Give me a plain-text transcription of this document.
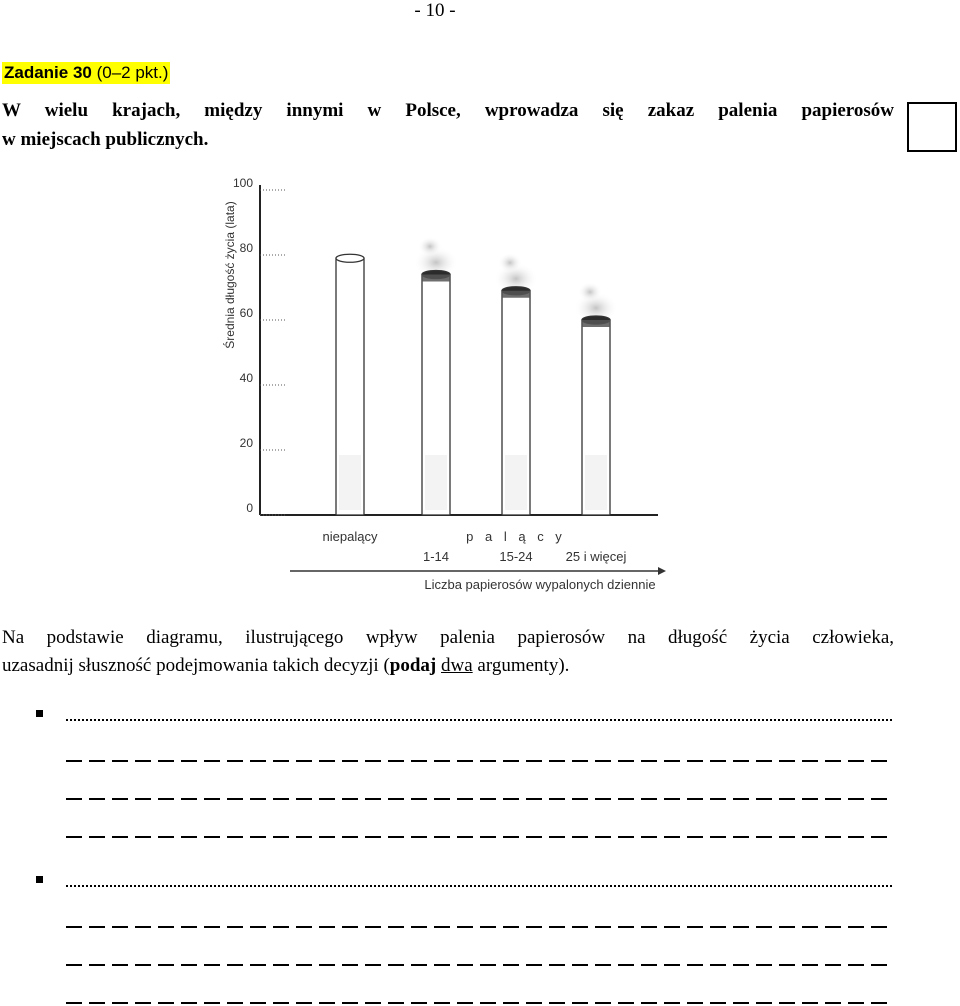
- 10 -
Zadanie 30 (0–2 pkt.)
W wielu krajach, między innymi w Polsce, wprowadza się zakaz palenia papierosów
w miejscach publicznych.
0
20
40
60
80
100
Średnia długość życia (lata)
niepalący
1-14	15-24	25 i więcej
p a l ą c y
Liczba papierosów wypalonych dziennie
Na podstawie diagramu, ilustrującego wpływ palenia papierosów na długość życia człowieka,
uzasadnij słuszność podejmowania takich decyzji (podaj dwa argumenty).
